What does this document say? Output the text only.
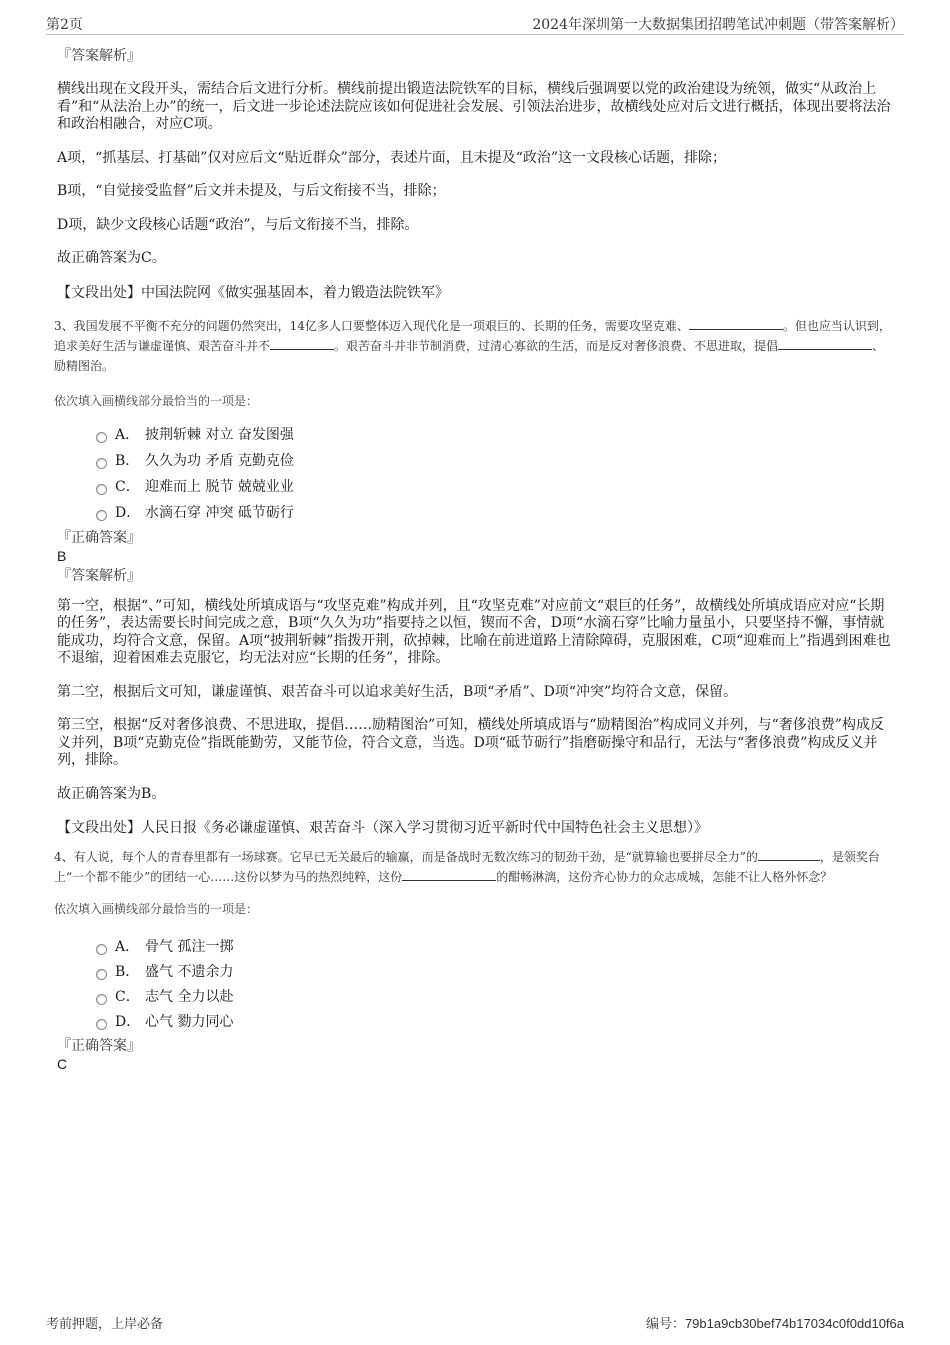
第2页	2024年深圳第一大数据集团招聘笔试冲刺题（带答案解析）

『答案解析』

横线出现在文段开头，需结合后文进行分析。横线前提出锻造法院铁军的目标，横线后强调要以党的政治建设为统领，做实“从政治上看”和“从法治上办”的统一，后文进一步论述法院应该如何促进社会发展、引领法治进步，故横线处应对后文进行概括，体现出要将法治和政治相融合，对应C项。

A项，“抓基层、打基础”仅对应后文“贴近群众”部分，表述片面，且未提及“政治”这一文段核心话题，排除；

B项，“自觉接受监督”后文并未提及，与后文衔接不当，排除；

D项，缺少文段核心话题“政治”，与后文衔接不当，排除。

故正确答案为C。

【文段出处】中国法院网《做实强基固本，着力锻造法院铁军》

3、我国发展不平衡不充分的问题仍然突出，14亿多人口要整体迈入现代化是一项艰巨的、长期的任务，需要攻坚克难、	。但也应当认识到，追求美好生活与谦虚谨慎、艰苦奋斗并不	。艰苦奋斗并非节制消费，过清心寡欲的生活，而是反对奢侈浪费、不思进取，提倡	、励精图治。

依次填入画横线部分最恰当的一项是：

A． 披荆斩棘 对立 奋发图强
B． 久久为功 矛盾 克勤克俭
C． 迎难而上 脱节 兢兢业业
D． 水滴石穿 冲突 砥节砺行

『正确答案』

B

『答案解析』

第一空，根据“、”可知，横线处所填成语与“攻坚克难”构成并列，且“攻坚克难”对应前文“艰巨的任务”，故横线处所填成语应对应“长期的任务”，表达需要长时间完成之意，B项“久久为功”指要持之以恒，锲而不舍，D项“水滴石穿”比喻力量虽小，只要坚持不懈，事情就能成功，均符合文意，保留。A项“披荆斩棘”指拨开荆，砍掉棘，比喻在前进道路上清除障碍，克服困难，C项“迎难而上”指遇到困难也不退缩，迎着困难去克服它，均无法对应“长期的任务”，排除。

第二空，根据后文可知，谦虚谨慎、艰苦奋斗可以追求美好生活，B项“矛盾”、D项“冲突”均符合文意，保留。

第三空，根据“反对奢侈浪费、不思进取，提倡……励精图治”可知，横线处所填成语与“励精图治”构成同义并列，与“奢侈浪费”构成反义并列，B项“克勤克俭”指既能勤劳，又能节俭，符合文意，当选。D项“砥节砺行”指磨砺操守和品行，无法与“奢侈浪费”构成反义并列，排除。

故正确答案为B。

【文段出处】人民日报《务必谦虚谨慎、艰苦奋斗（深入学习贯彻习近平新时代中国特色社会主义思想）》

4、有人说，每个人的青春里都有一场球赛。它早已无关最后的输赢，而是备战时无数次练习的韧劲干劲，是“就算输也要拼尽全力”的	，是领奖台上“一个都不能少”的团结一心……这份以梦为马的热烈纯粹，这份	的酣畅淋漓，这份齐心协力的众志成城，怎能不让人格外怀念？

依次填入画横线部分最恰当的一项是：

A． 骨气 孤注一掷
B． 盛气 不遗余力
C． 志气 全力以赴
D． 心气 勠力同心

『正确答案』

C

考前押题，上岸必备	编号：79b1a9cb30bef74b17034c0f0dd10f6a
